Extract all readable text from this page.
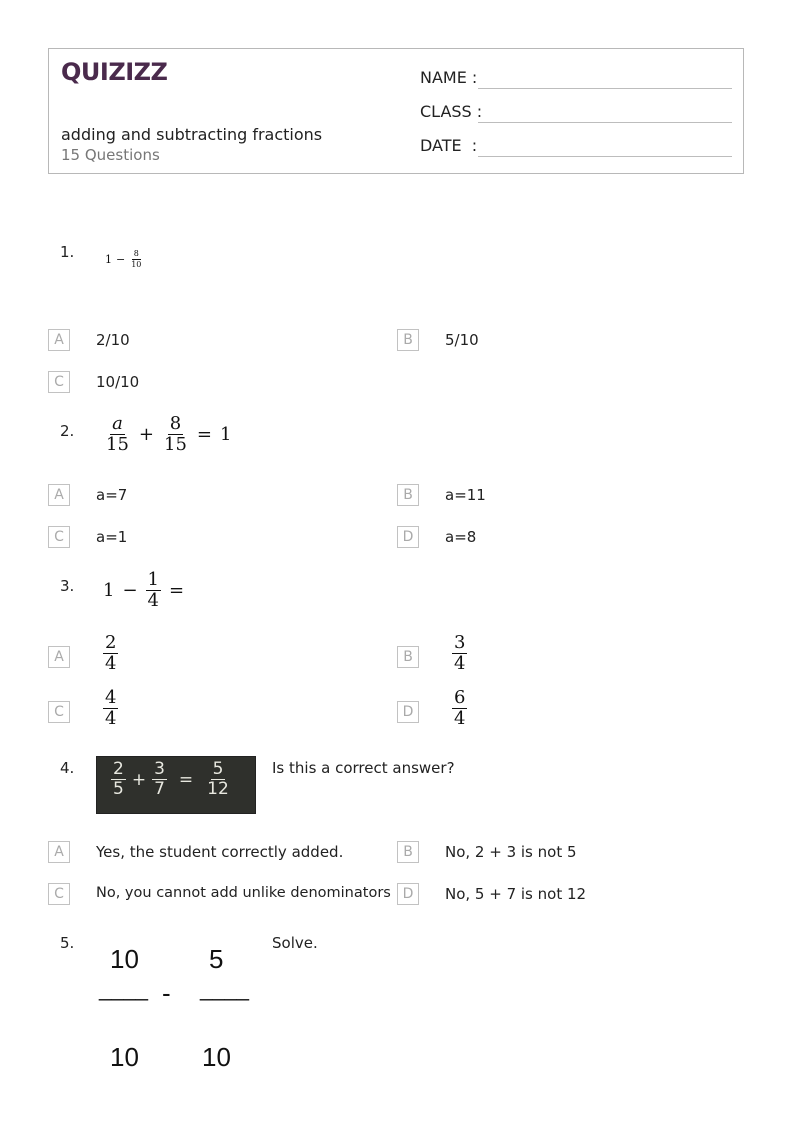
QUIZIZZ
adding and subtracting fractions
15 Questions
NAME :
CLASS :
DATE  :
1.	$1 - \frac{8}{10}$
A	2/10	B	5/10
C	10/10
2. $\frac{a}{15} + \frac{8}{15} = 1$
A	a=7	B	a=11
C	a=1	D	a=8
3. $1 - \frac{1}{4}$ =
A	$\frac{2}{4}$	B	$\frac{3}{4}$
C	$\frac{4}{4}$	D	$\frac{6}{4}$
4. $\frac{2}{5} + \frac{3}{7} = \frac{5}{12}$	Is this a correct answer?
A	Yes, the student correctly added.	B	No, 2 + 3 is not 5
C	No, you cannot add unlike denominators D	No, 5 + 7 is not 12
5.
10
____ -
5
____
10 10
Solve.
